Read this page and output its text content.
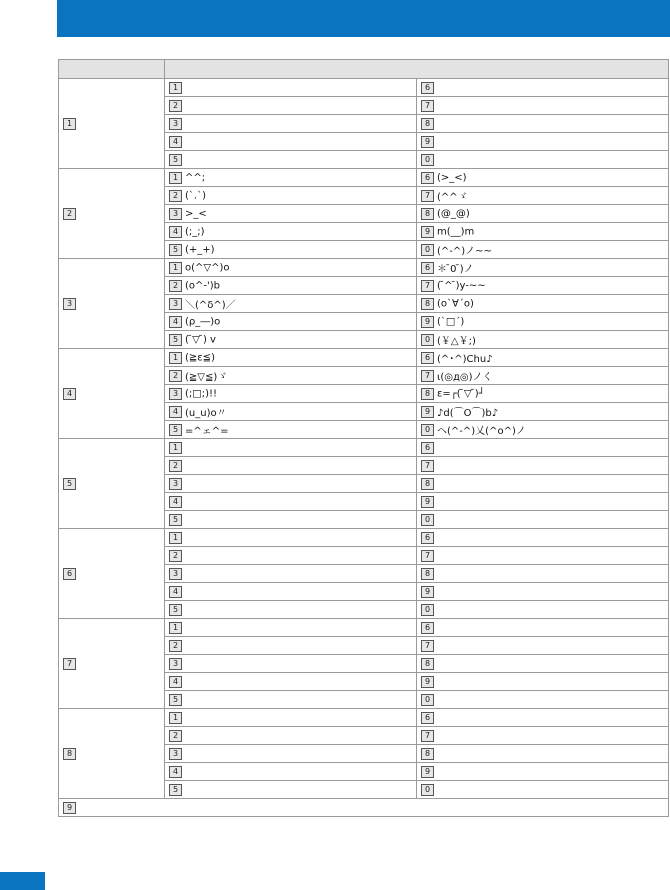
1	1	6
	2	7
	3	8
	4	9
	5	0
2	1 ^^;	6 (>_<)
	2 (`.`)	7 (^^ゞ
	3 >_<	8 (@_@)
	4 (;_;)	9 m(__)m
	5 (+_+)	0 (^-^)ノ~~
3	1 o(^▽^)o	6 ＊ ̄0 ̄)ノ
	2 (o^-')b	7 ( ̄^ ̄)y-~~
	3 ＼(^δ^)／	8 (o`∀´o)
	4 (ρ_―)o	9 (`□´)
	5 ( ̄▽ ̄) v	0 (￥△￥;)
4	1 (≧ε≦)	6 (^･^)Chu♪
	2 (≧▽≦)ゞ	7 ι(◎д◎)ノく
	3 (;□;)!!	8 ε=┌( ̄▽ ̄)┘
	4 (u_u)o〃	9 ♪d(⌒O⌒)b♪
	5 =^ェ^=	0 ヘ(^-^)乂(^o^)ノ
5	1	6
	2	7
	3	8
	4	9
	5	0
6	1	6
	2	7
	3	8
	4	9
	5	0
7	1	6
	2	7
	3	8
	4	9
	5	0
8	1	6
	2	7
	3	8
	4	9
	5	0
9		
